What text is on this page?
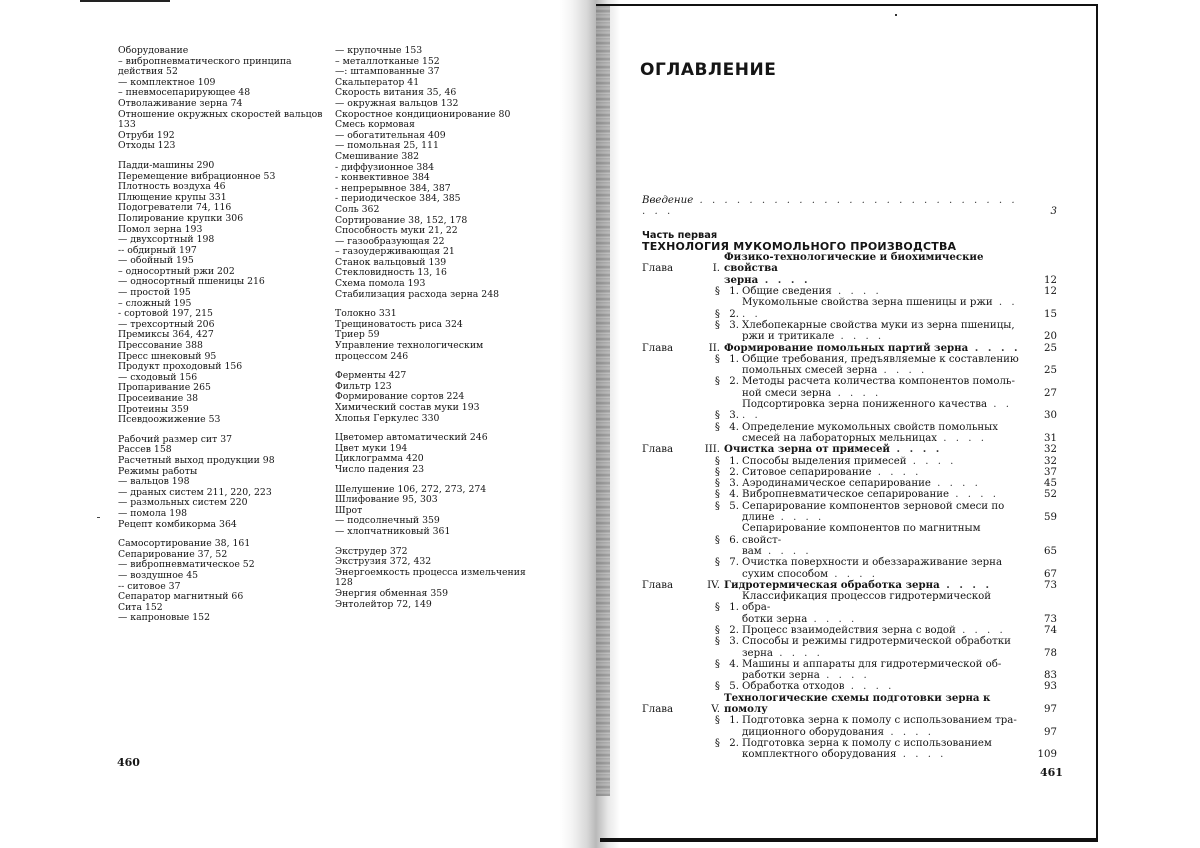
Оборудование
– вибропневматического принципа действия 52
— комплектное 109
– пневмосепарирующее 48
Отволаживание зерна 74
Отношение окружных скоростей вальцов 133
Отруби 192
Отходы 123
Падди-машины 290
Перемещение вибрационное 53
Плотность воздуха 46
Плющение крупы 331
Подогреватели 74, 116
Полирование крупки 306
Помол зерна 193
— двухсортный 198
-- обдирный 197
— обойный 195
– односортный ржи 202
— односортный пшеницы 216
— простой 195
– сложный 195
- сортовой 197, 215
— трехсортный 206
Премиксы 364, 427
Прессование 388
Пресс шнековый 95
Продукт проходовый 156
— сходовый 156
Пропаривание 265
Просеивание 38
Протеины 359
Псевдоожижение 53
Рабочий размер сит 37
Рассев 158
Расчетный выход продукции 98
Режимы работы
— вальцов 198
— драных систем 211, 220, 223
— размольных систем 220
— помола 198
Рецепт комбикорма 364
Самосортирование 38, 161
Сепарирование 37, 52
— вибропневматическое 52
— воздушное 45
-- ситовое 37
Сепаратор магнитный 66
Сита 152
— капроновые 152
— крупочные 153
– металлотканые 152
—: штампованные 37
Скальператор 41
Скорость витания 35, 46
— окружная вальцов 132
Скоростное кондиционирование 80
Смесь кормовая
— обогатительная 409
— помольная 25, 111
Смешивание 382
- диффузионное 384
- конвективное 384
- непрерывное 384, 387
- периодическое 384, 385
Соль 362
Сортирование 38, 152, 178
Способность муки 21, 22
— газообразующая 22
– газоудерживающая 21
Станок вальцовый 139
Стекловидность 13, 16
Схема помола 193
Стабилизация расхода зерна 248
Толокно 331
Трещиноватость риса 324
Триер 59
Управление технологическим процессом 246
Ферменты 427
Фильтр 123
Формирование сортов 224
Химический состав муки 193
Хлопья Геркулес 330
Цветомер автоматический 246
Цвет муки 194
Циклограмма 420
Число падения 23
Шелушение 106, 272, 273, 274
Шлифование 95, 303
Шрот
— подсолнечный 359
— хлопчатниковый 361
Экструдер 372
Экструзия 372, 432
Энергоемкость процесса измельчения 128
Энергия обменная 359
Энтолейтор 72, 149
460
ОГЛАВЛЕНИЕ
Введение . . . . . . . . . . . . . . . . . . . . . . . . . . . . .	3
Часть первая
ТЕХНОЛОГИЯ МУКОМОЛЬНОГО ПРОИЗВОДСТВА
Глава	I.
Физико-технологические и биохимические свойства
зерна . . . .	12
§ 1. Общие сведения . . . .	12
§ 2.
Мукомольные свойства зерна пшеницы и ржи . . . .	15
§ 3. Хлебопекарные свойства муки из зерна пшеницы,
ржи и тритикале . . . .	20
Глава	II. Формирование помольных партий зерна . . . .	25
§ 1. Общие требования, предъявляемые к составлению
помольных смесей зерна . . . .	25
§ 2. Методы расчета количества компонентов помоль-
ной смеси зерна . . . .	27
§ 3.
Подсортировка зерна пониженного качества . . . .	30
§ 4. Определение мукомольных свойств помольных
смесей на лабораторных мельницах . . . .	31
Глава	III. Очистка зерна от примесей . . . .	32
§ 1. Способы выделения примесей . . . .	32
§ 2. Ситовое сепарирование . . . .	37
§ 3. Аэродинамическое сепарирование . . . .	45
§ 4. Вибропневматическое сепарирование . . . .	52
§ 5. Сепарирование компонентов зерновой смеси по
длине . . . .	59
§ 6.
Сепарирование компонентов по магнитным свойст-
вам . . . .	65
§ 7. Очистка поверхности и обеззараживание зерна
сухим способом . . . .	67
Глава	IV. Гидротермическая обработка зерна . . . .	73
§ 1.
Классификация процессов гидротермической обра-
ботки зерна . . . .	73
§ 2. Процесс взаимодействия зерна с водой . . . .	74
§ 3. Способы и режимы гидротермической обработки
зерна . . . .	78
§ 4. Машины и аппараты для гидротермической об-
работки зерна . . . .	83
§ 5. Обработка отходов . . . .	93
Глава	V.
Технологические схемы подготовки зерна к помолу	97
§ 1. Подготовка зерна к помолу с использованием тра-
диционного оборудования . . . .	97
§ 2. Подготовка зерна к помолу с использованием
комплектного оборудования . . . .	109
461
